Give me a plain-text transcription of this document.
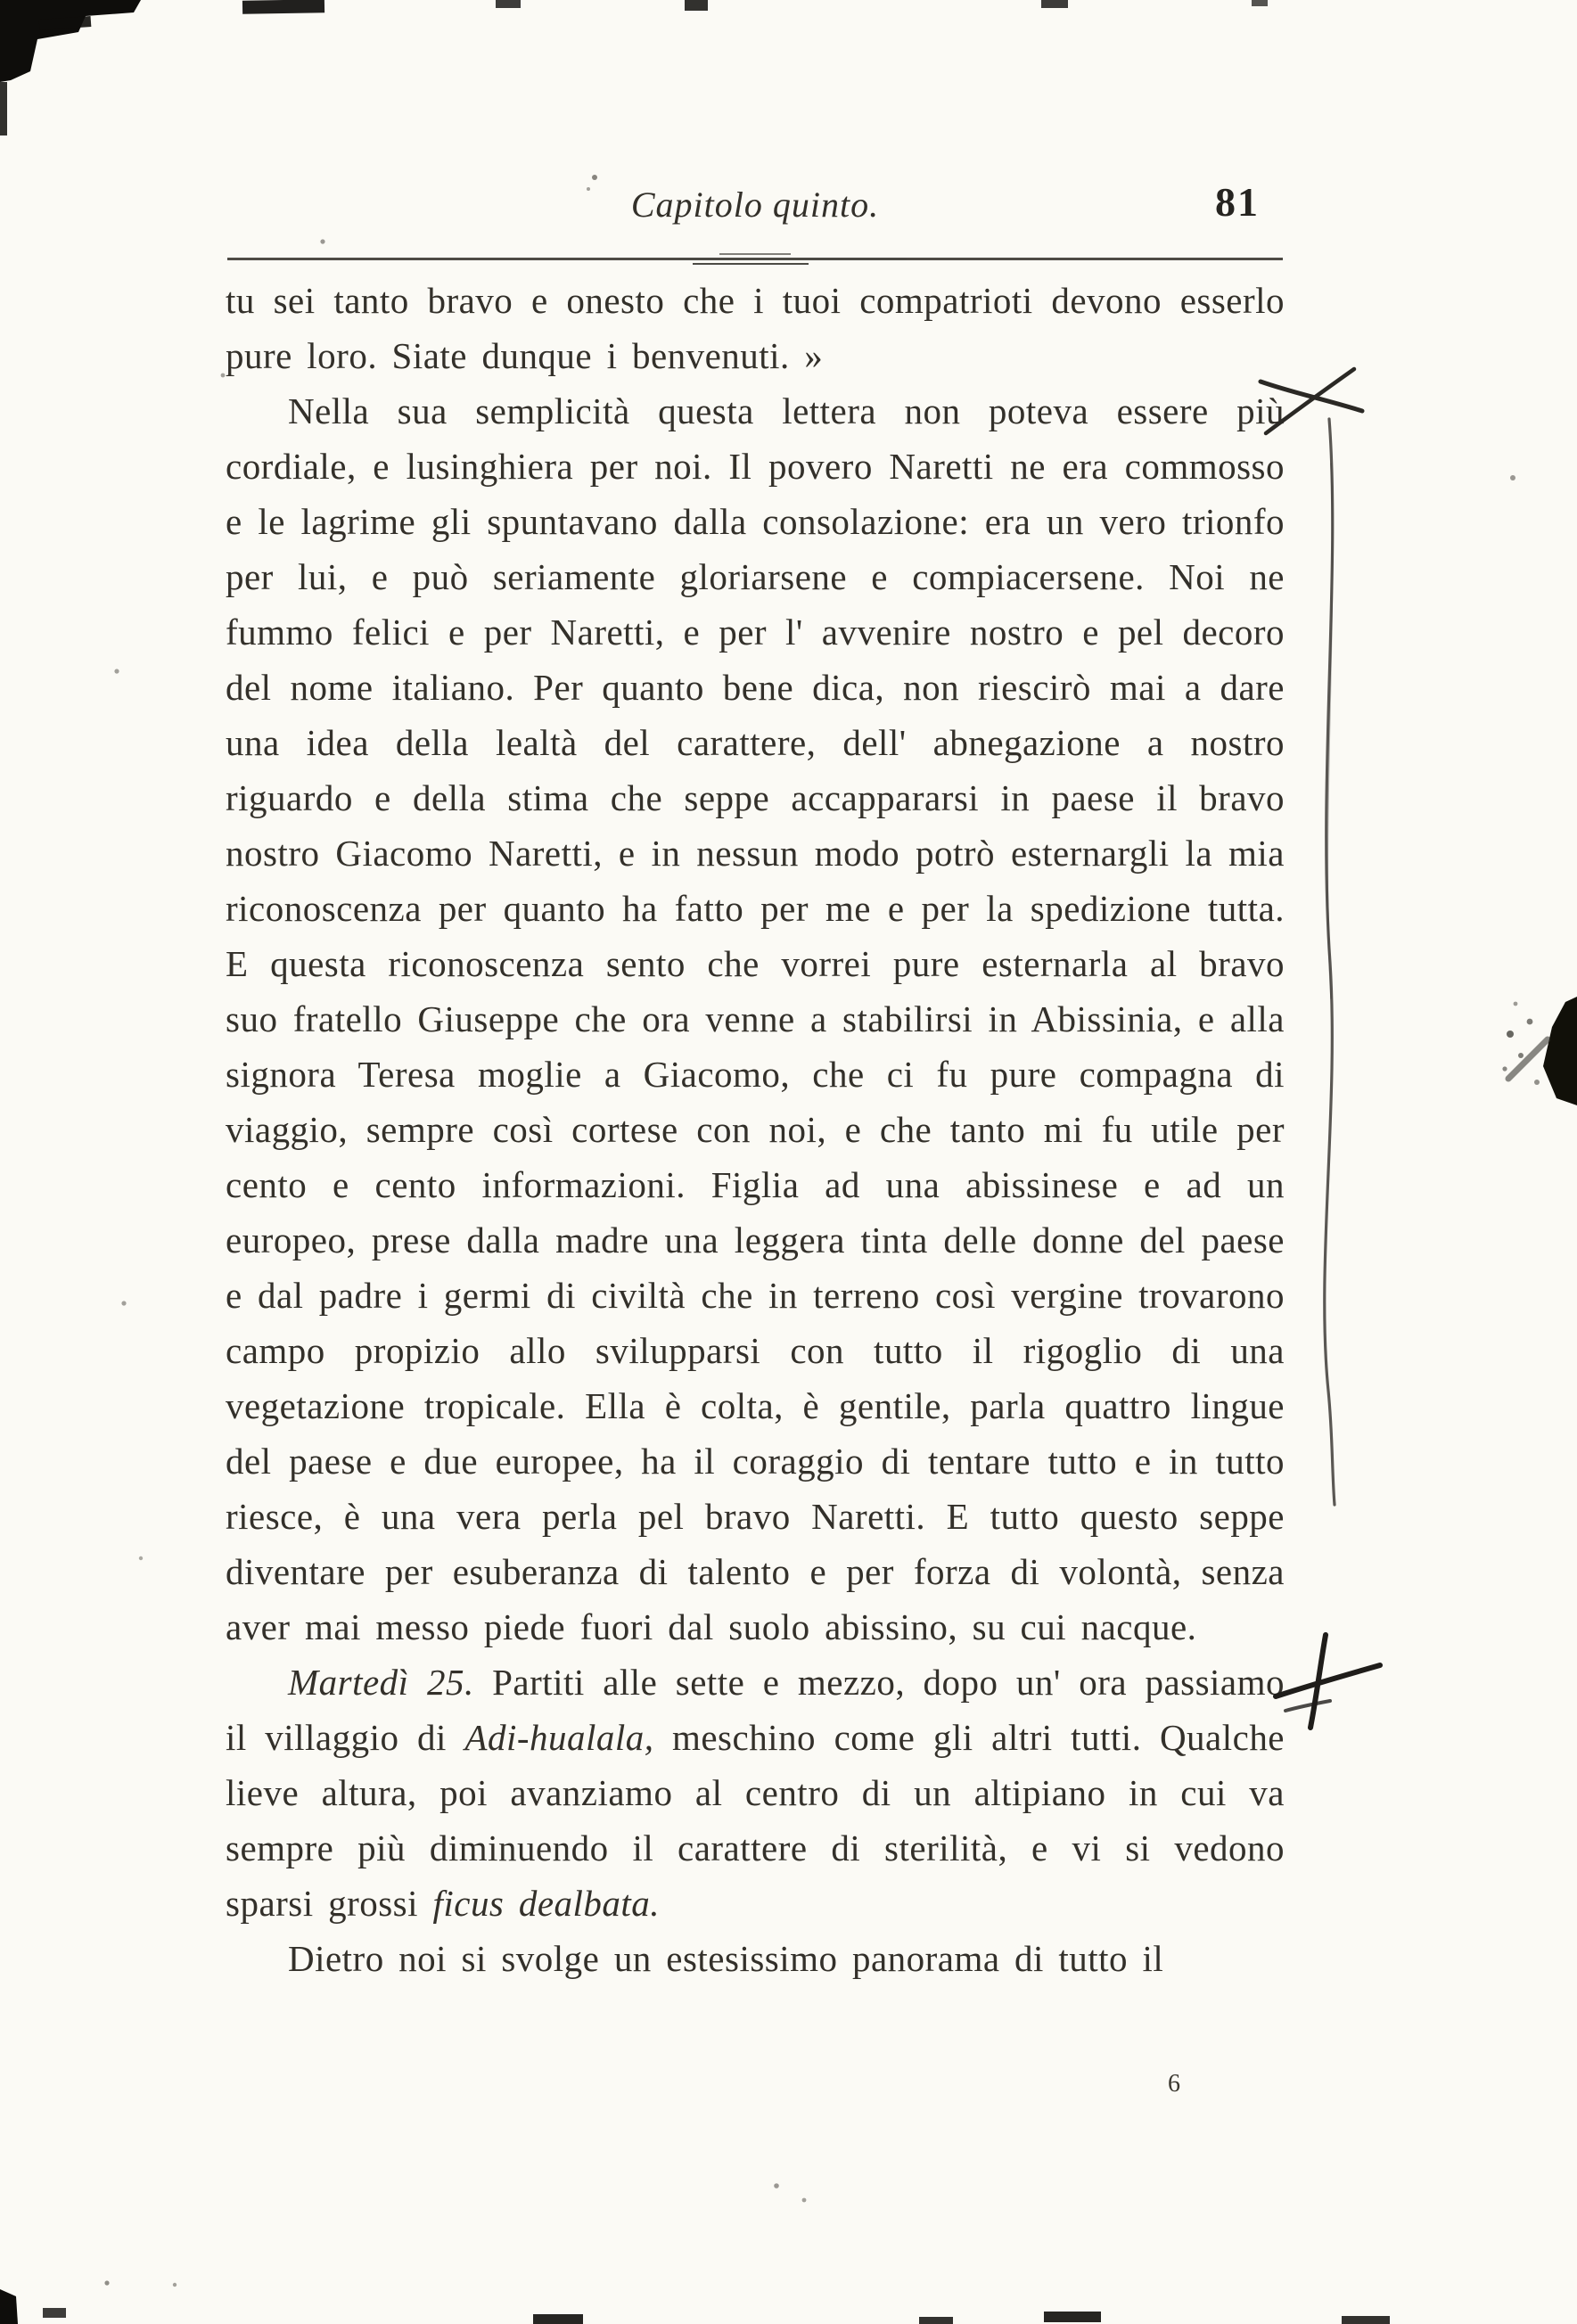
Capitolo quinto.	81

tu sei tanto bravo e onesto che i tuoi compatrioti devono esserlo pure loro. Siate dunque i benvenuti. »

Nella sua semplicità questa lettera non poteva essere più cordiale, e lusinghiera per noi. Il povero Naretti ne era commosso e le lagrime gli spuntavano dalla consolazione: era un vero trionfo per lui, e può seriamente gloriarsene e compiacersene. Noi ne fummo felici e per Naretti, e per l' avvenire nostro e pel decoro del nome italiano. Per quanto bene dica, non riescirò mai a dare una idea della lealtà del carattere, dell' abnegazione a nostro riguardo e della stima che seppe accappararsi in paese il bravo nostro Giacomo Naretti, e in nessun modo potrò esternargli la mia riconoscenza per quanto ha fatto per me e per la spedizione tutta. E questa riconoscenza sento che vorrei pure esternarla al bravo suo fratello Giuseppe che ora venne a stabilirsi in Abissinia, e alla signora Teresa moglie a Giacomo, che ci fu pure compagna di viaggio, sempre così cortese con noi, e che tanto mi fu utile per cento e cento informazioni. Figlia ad una abissinese e ad un europeo, prese dalla madre una leggera tinta delle donne del paese e dal padre i germi di civiltà che in terreno così vergine trovarono campo propizio allo svilupparsi con tutto il rigoglio di una vegetazione tropicale. Ella è colta, è gentile, parla quattro lingue del paese e due europee, ha il coraggio di tentare tutto e in tutto riesce, è una vera perla pel bravo Naretti. E tutto questo seppe diventare per esuberanza di talento e per forza di volontà, senza aver mai messo piede fuori dal suolo abissino, su cui nacque.

Martedì 25. Partiti alle sette e mezzo, dopo un' ora passiamo il villaggio di Adi-hualala, meschino come gli altri tutti. Qualche lieve altura, poi avanziamo al centro di un altipiano in cui va sempre più diminuendo il carattere di sterilità, e vi si vedono sparsi grossi ficus dealbata.

Dietro noi si svolge un estesissimo panorama di tutto il

6
